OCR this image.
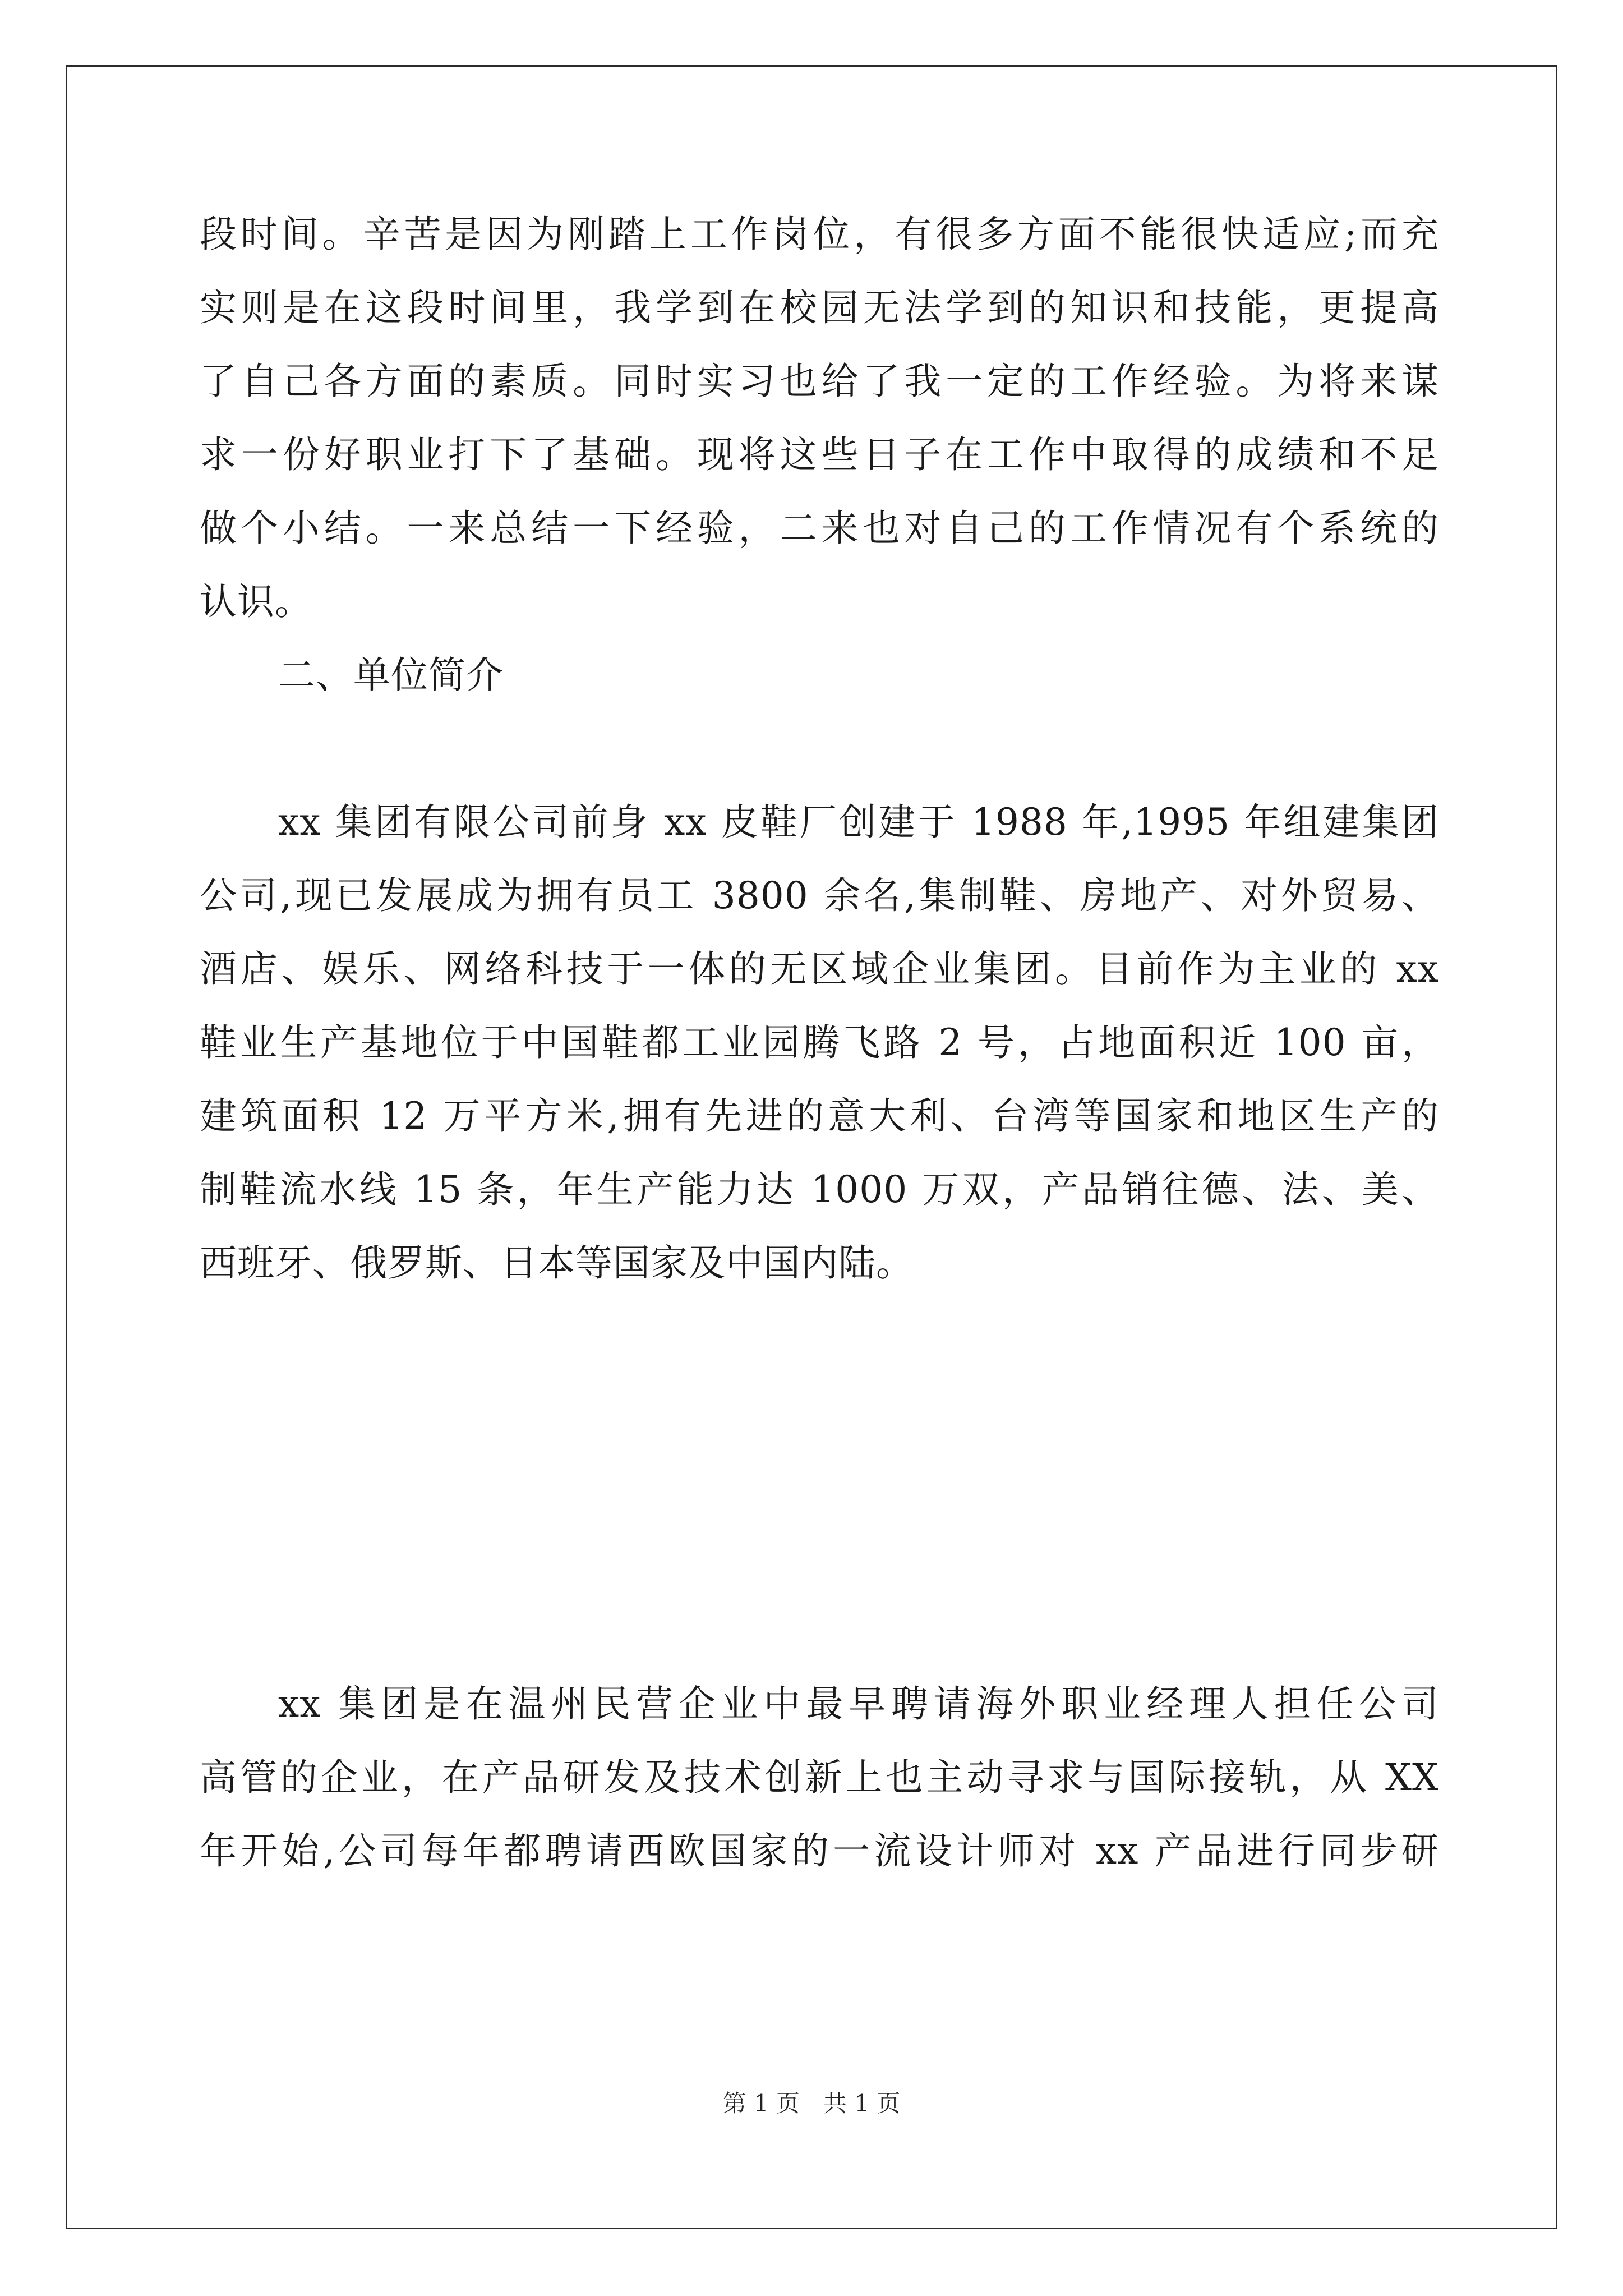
段时间。辛苦是因为刚踏上工作岗位，有很多方面不能很快适应;而充
实则是在这段时间里，我学到在校园无法学到的知识和技能，更提高
了自己各方面的素质。同时实习也给了我一定的工作经验。为将来谋
求一份好职业打下了基础。现将这些日子在工作中取得的成绩和不足
做个小结。一来总结一下经验，二来也对自己的工作情况有个系统的
认识。
二、单位简介
xx 集团有限公司前身 xx 皮鞋厂创建于 1988 年,1995 年组建集团
公司,现已发展成为拥有员工 3800 余名,集制鞋、房地产、对外贸易、
酒店、娱乐、网络科技于一体的无区域企业集团。目前作为主业的 xx
鞋业生产基地位于中国鞋都工业园腾飞路 2 号，占地面积近 100 亩，
建筑面积 12 万平方米,拥有先进的意大利、台湾等国家和地区生产的
制鞋流水线 15 条，年生产能力达 1000 万双，产品销往德、法、美、
西班牙、俄罗斯、日本等国家及中国内陆。
xx 集团是在温州民营企业中最早聘请海外职业经理人担任公司
高管的企业，在产品研发及技术创新上也主动寻求与国际接轨，从 XX
年开始,公司每年都聘请西欧国家的一流设计师对 xx 产品进行同步研
第 1 页　共 1 页
